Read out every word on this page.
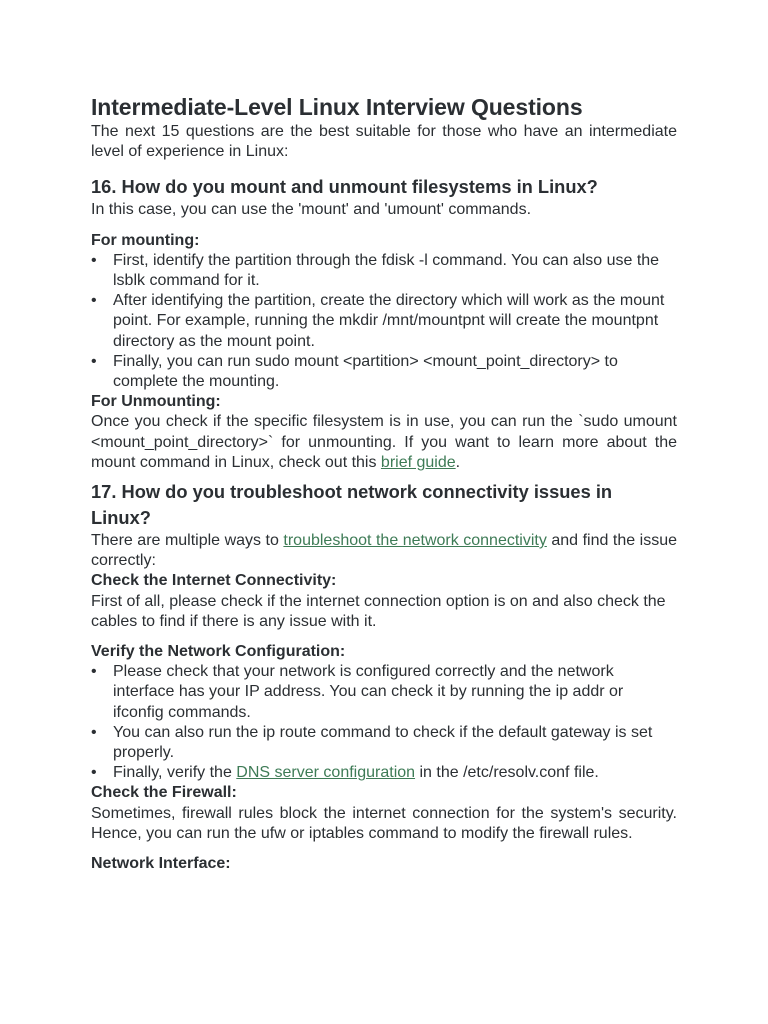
Intermediate-Level Linux Interview Questions

The next 15 questions are the best suitable for those who have an intermediate level of experience in Linux:

16. How do you mount and unmount filesystems in Linux?

In this case, you can use the 'mount' and 'umount' commands.

For mounting:

•	First, identify the partition through the fdisk -l command. You can also use the lsblk command for it.
•	After identifying the partition, create the directory which will work as the mount point. For example, running the mkdir /mnt/mountpnt will create the mountpnt directory as the mount point.
•	Finally, you can run sudo mount <partition> <mount_point_directory> to complete the mounting.

For Unmounting:

Once you check if the specific filesystem is in use, you can run the `sudo umount <mount_point_directory>` for unmounting. If you want to learn more about the mount command in Linux, check out this brief guide.

17. How do you troubleshoot network connectivity issues in Linux?

There are multiple ways to troubleshoot the network connectivity and find the issue correctly:

Check the Internet Connectivity:

First of all, please check if the internet connection option is on and also check the cables to find if there is any issue with it.

Verify the Network Configuration:

•	Please check that your network is configured correctly and the network interface has your IP address. You can check it by running the ip addr or ifconfig commands.
•	You can also run the ip route command to check if the default gateway is set properly.
•	Finally, verify the DNS server configuration in the /etc/resolv.conf file.

Check the Firewall:

Sometimes, firewall rules block the internet connection for the system's security. Hence, you can run the ufw or iptables command to modify the firewall rules.

Network Interface:
